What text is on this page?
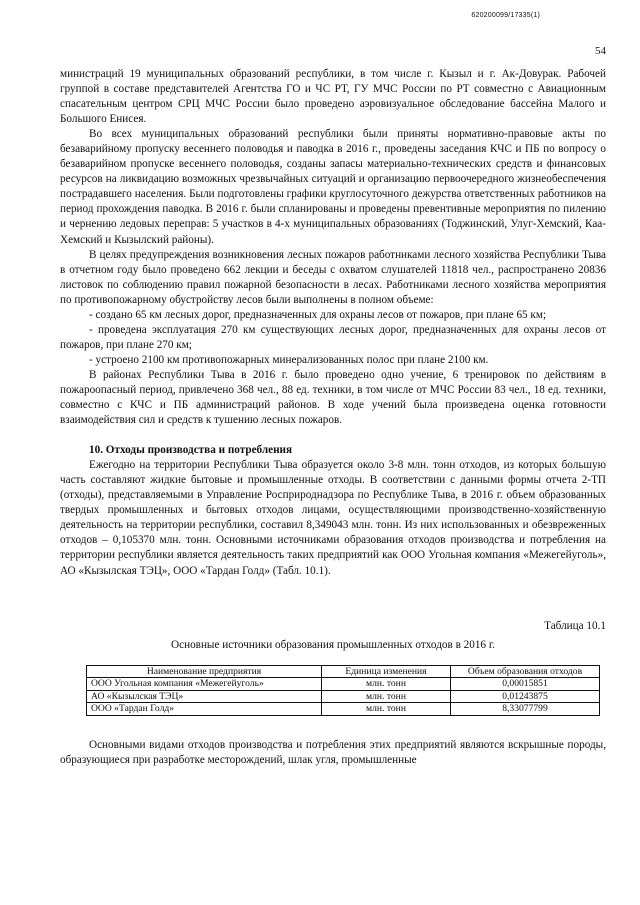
620200099/17335(1)
54

министраций 19 муниципальных образований республики, в том числе г. Кызыл и г. Ак-Довурак. Рабочей группой в составе представителей Агентства ГО и ЧС РТ, ГУ МЧС России по РТ совместно с Авиационным спасательным центром СРЦ МЧС России было проведено аэровизуальное обследование бассейна Малого и Большого Енисея.

Во всех муниципальных образований республики были приняты нормативно-правовые акты по безаварийному пропуску весеннего половодья и паводка в 2016 г., проведены заседания КЧС и ПБ по вопросу о безаварийном пропуске весеннего половодья, созданы запасы материально-технических средств и финансовых ресурсов на ликвидацию возможных чрезвычайных ситуаций и организацию первоочередного жизнеобеспечения пострадавшего населения. Были подготовлены графики круглосуточного дежурства ответственных работников на период прохождения паводка. В 2016 г. были спланированы и проведены превентивные мероприятия по пилению и чернению ледовых переправ: 5 участков в 4-х муниципальных образованиях (Тоджинский, Улуг-Хемский, Каа-Хемский и Кызылский районы).

В целях предупреждения возникновения лесных пожаров работниками лесного хозяйства Республики Тыва в отчетном году было проведено 662 лекции и беседы с охватом слушателей 11818 чел., распространено 20836 листовок по соблюдению правил пожарной безопасности в лесах. Работниками лесного хозяйства мероприятия по противопожарному обустройству лесов были выполнены в полном объеме:

- создано 65 км лесных дорог, предназначенных для охраны лесов от пожаров, при плане 65 км;

- проведена эксплуатация 270 км существующих лесных дорог, предназначенных для охраны лесов от пожаров, при плане 270 км;

- устроено 2100 км противопожарных минерализованных полос при плане 2100 км.

В районах Республики Тыва в 2016 г. было проведено одно учение, 6 тренировок по действиям в пожароопасный период, привлечено 368 чел., 88 ед. техники, в том числе от МЧС России 83 чел., 18 ед. техники, совместно с КЧС и ПБ администраций районов. В ходе учений была произведена оценка готовности взаимодействия сил и средств к тушению лесных пожаров.

10. Отходы производства и потребления

Ежегодно на территории Республики Тыва образуется около 3-8 млн. тонн отходов, из которых большую часть составляют жидкие бытовые и промышленные отходы. В соответствии с данными формы отчета 2-ТП (отходы), представляемыми в Управление Росприроднадзора по Республике Тыва, в 2016 г. объем образованных твердых промышленных и бытовых отходов лицами, осуществляющими производственно-хозяйственную деятельность на территории республики, составил 8,349043 млн. тонн. Из них использованных и обезвреженных отходов – 0,105370 млн. тонн. Основными источниками образования отходов производства и потребления на территории республики является деятельность таких предприятий как ООО Угольная компания «Межегейуголь», АО «Кызылская ТЭЦ», ООО «Тардан Голд» (Табл. 10.1).

Таблица 10.1
Основные источники образования промышленных отходов в 2016 г.
Наименование предприятия	Единица изменения	Объем образования отходов
ООО Угольная компания «Межегейуголь»	млн. тонн	0,00015851
АО «Кызылская ТЭЦ»	млн. тонн	0,01243875
ООО «Тардан Голд»	млн. тонн	8,33077799

Основными видами отходов производства и потребления этих предприятий являются вскрышные породы, образующиеся при разработке месторождений, шлак угля, промышленные
